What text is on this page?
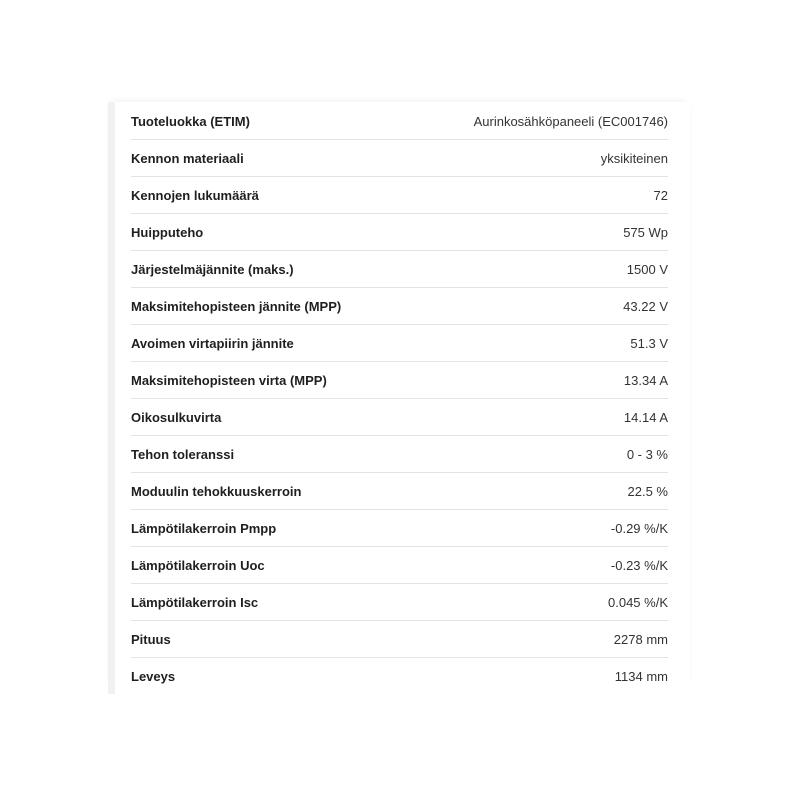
Tuoteluokka (ETIM)	Aurinkosähköpaneeli (EC001746)
Kennon materiaali	yksikiteinen
Kennojen lukumäärä	72
Huipputeho	575 Wp
Järjestelmäjännite (maks.)	1500 V
Maksimitehopisteen jännite (MPP)	43.22 V
Avoimen virtapiirin jännite	51.3 V
Maksimitehopisteen virta (MPP)	13.34 A
Oikosulkuvirta	14.14 A
Tehon toleranssi	0 - 3 %
Moduulin tehokkuuskerroin	22.5 %
Lämpötilakerroin Pmpp	-0.29 %/K
Lämpötilakerroin Uoc	-0.23 %/K
Lämpötilakerroin Isc	0.045 %/K
Pituus	2278 mm
Leveys	1134 mm
